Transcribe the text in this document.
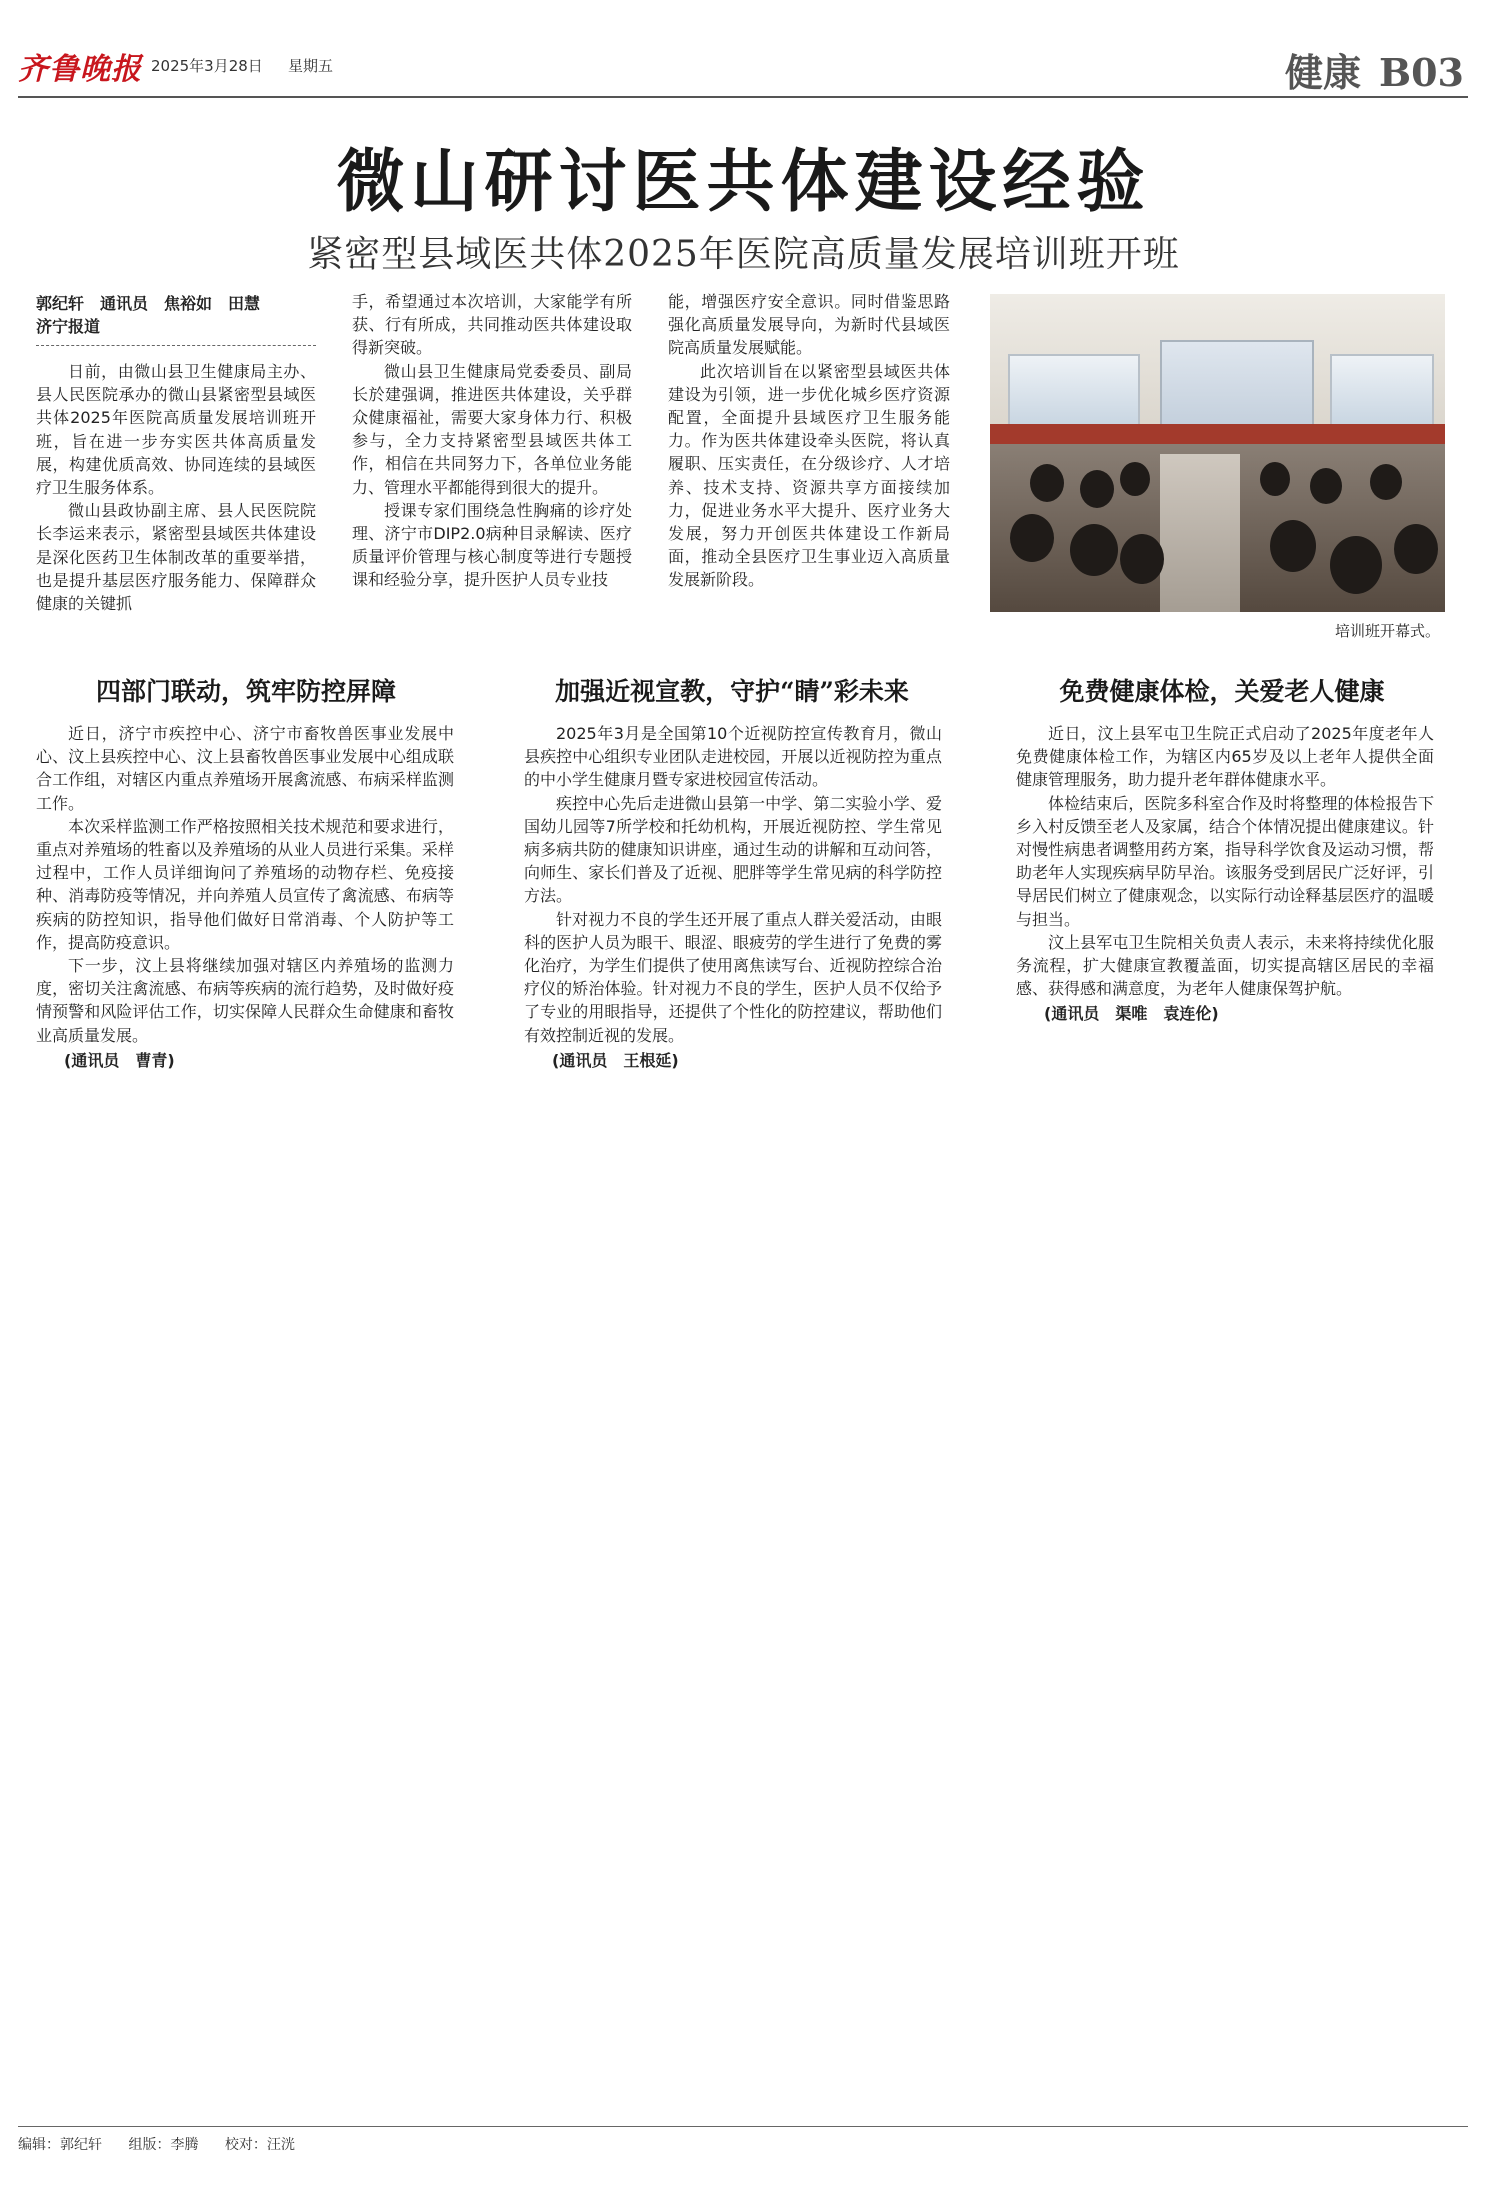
齐鲁晚报 2025年3月28日 星期五	健康 B03
微山研讨医共体建设经验
紧密型县域医共体2025年医院高质量发展培训班开班
郭纪轩　通讯员　焦裕如　田慧
济宁报道

日前，由微山县卫生健康局主办、县人民医院承办的微山县紧密型县域医共体2025年医院高质量发展培训班开班，旨在进一步夯实医共体高质量发展，构建优质高效、协同连续的县域医疗卫生服务体系。

微山县政协副主席、县人民医院院长李运来表示，紧密型县域医共体建设是深化医药卫生体制改革的重要举措，也是提升基层医疗服务能力、保障群众健康的关键抓

手，希望通过本次培训，大家能学有所获、行有所成，共同推动医共体建设取得新突破。

微山县卫生健康局党委委员、副局长於建强调，推进医共体建设，关乎群众健康福祉，需要大家身体力行、积极参与，全力支持紧密型县域医共体工作，相信在共同努力下，各单位业务能力、管理水平都能得到很大的提升。

授课专家们围绕急性胸痛的诊疗处理、济宁市DIP2.0病种目录解读、医疗质量评价管理与核心制度等进行专题授课和经验分享，提升医护人员专业技

能，增强医疗安全意识。同时借鉴思路强化高质量发展导向，为新时代县域医院高质量发展赋能。

此次培训旨在以紧密型县域医共体建设为引领，进一步优化城乡医疗资源配置，全面提升县域医疗卫生服务能力。作为医共体建设牵头医院，将认真履职、压实责任，在分级诊疗、人才培养、技术支持、资源共享方面接续加力，促进业务水平大提升、医疗业务大发展，努力开创医共体建设工作新局面，推动全县医疗卫生事业迈入高质量发展新阶段。

培训班开幕式。
四部门联动，筑牢防控屏障

近日，济宁市疾控中心、济宁市畜牧兽医事业发展中心、汶上县疾控中心、汶上县畜牧兽医事业发展中心组成联合工作组，对辖区内重点养殖场开展禽流感、布病采样监测工作。

本次采样监测工作严格按照相关技术规范和要求进行，重点对养殖场的牲畜以及养殖场的从业人员进行采集。采样过程中，工作人员详细询问了养殖场的动物存栏、免疫接种、消毒防疫等情况，并向养殖人员宣传了禽流感、布病等疾病的防控知识，指导他们做好日常消毒、个人防护等工作，提高防疫意识。

下一步，汶上县将继续加强对辖区内养殖场的监测力度，密切关注禽流感、布病等疾病的流行趋势，及时做好疫情预警和风险评估工作，切实保障人民群众生命健康和畜牧业高质量发展。

(通讯员　曹青)
加强近视宣教，守护“睛”彩未来

2025年3月是全国第10个近视防控宣传教育月，微山县疾控中心组织专业团队走进校园，开展以近视防控为重点的中小学生健康月暨专家进校园宣传活动。

疾控中心先后走进微山县第一中学、第二实验小学、爱国幼儿园等7所学校和托幼机构，开展近视防控、学生常见病多病共防的健康知识讲座，通过生动的讲解和互动问答，向师生、家长们普及了近视、肥胖等学生常见病的科学防控方法。

针对视力不良的学生还开展了重点人群关爱活动，由眼科的医护人员为眼干、眼涩、眼疲劳的学生进行了免费的雾化治疗，为学生们提供了使用离焦读写台、近视防控综合治疗仪的矫治体验。针对视力不良的学生，医护人员不仅给予了专业的用眼指导，还提供了个性化的防控建议，帮助他们有效控制近视的发展。

(通讯员　王根延)
免费健康体检，关爱老人健康

近日，汶上县军屯卫生院正式启动了2025年度老年人免费健康体检工作，为辖区内65岁及以上老年人提供全面健康管理服务，助力提升老年群体健康水平。

体检结束后，医院多科室合作及时将整理的体检报告下乡入村反馈至老人及家属，结合个体情况提出健康建议。针对慢性病患者调整用药方案，指导科学饮食及运动习惯，帮助老年人实现疾病早防早治。该服务受到居民广泛好评，引导居民们树立了健康观念，以实际行动诠释基层医疗的温暖与担当。

汶上县军屯卫生院相关负责人表示，未来将持续优化服务流程，扩大健康宣教覆盖面，切实提高辖区居民的幸福感、获得感和满意度，为老年人健康保驾护航。

(通讯员　渠唯　袁连伦)
编辑：郭纪轩 组版：李腾 校对：汪洸
